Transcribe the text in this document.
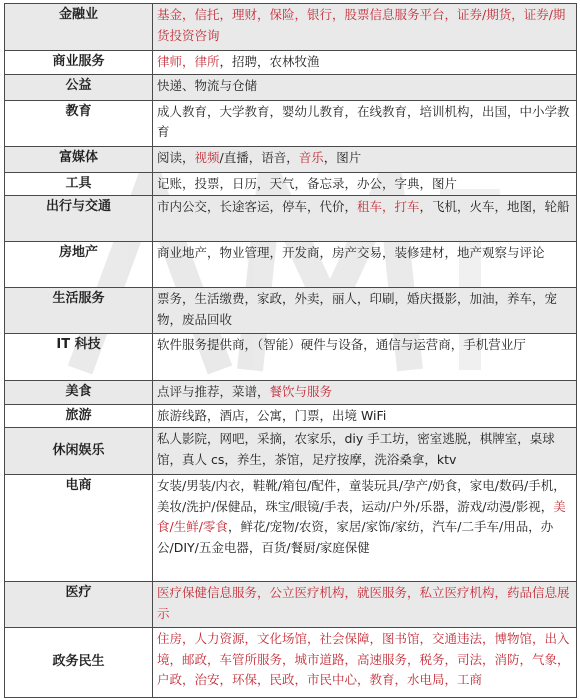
金融业	基金，信托，理财，保险，银行，股票信息服务平台，证券/期货，证券/期货投资咨询
商业服务	律师，律所，招聘，农林牧渔
公益	快递、物流与仓储
教育	成人教育，大学教育，婴幼儿教育，在线教育，培训机构，出国，中小学教育
富媒体	阅读，视频/直播，语音，音乐，图片
工具	记账，投票，日历，天气，备忘录，办公，字典，图片
出行与交通	市内公交，长途客运，停车，代价，租车，打车，飞机，火车，地图，轮船
房地产	商业地产，物业管理，开发商，房产交易，装修建材，地产观察与评论
生活服务	票务，生活缴费，家政，外卖，丽人，印刷，婚庆摄影，加油，养车，宠物，废品回收
IT 科技	软件服务提供商，（智能）硬件与设备，通信与运营商，手机营业厅
美食	点评与推荐，菜谱，餐饮与服务
旅游	旅游线路，酒店，公寓，门票，出境 WiFi
休闲娱乐	私人影院，网吧，采摘，农家乐，diy 手工坊，密室逃脱，棋牌室，桌球馆，真人 cs，养生，茶馆，足疗按摩，洗浴桑拿，ktv
电商	女装/男装/内衣，鞋靴/箱包/配件，童装玩具/孕产/奶食，家电/数码/手机，美妆/洗护/保健品，珠宝/眼镜/手表，运动/户外/乐器，游戏/动漫/影视，美食/生鲜/零食，鲜花/宠物/农资，家居/家饰/家纺，汽车/二手车/用品，办公/DIY/五金电器，百货/餐厨/家庭保健
医疗	医疗保健信息服务，公立医疗机构，就医服务，私立医疗机构，药品信息展示
政务民生	住房，人力资源，文化场馆，社会保障，图书馆，交通违法，博物馆，出入境，邮政，车管所服务，城市道路，高速服务，税务，司法，消防，气象，户政，治安，环保，民政，市民中心，教育，水电局，工商
